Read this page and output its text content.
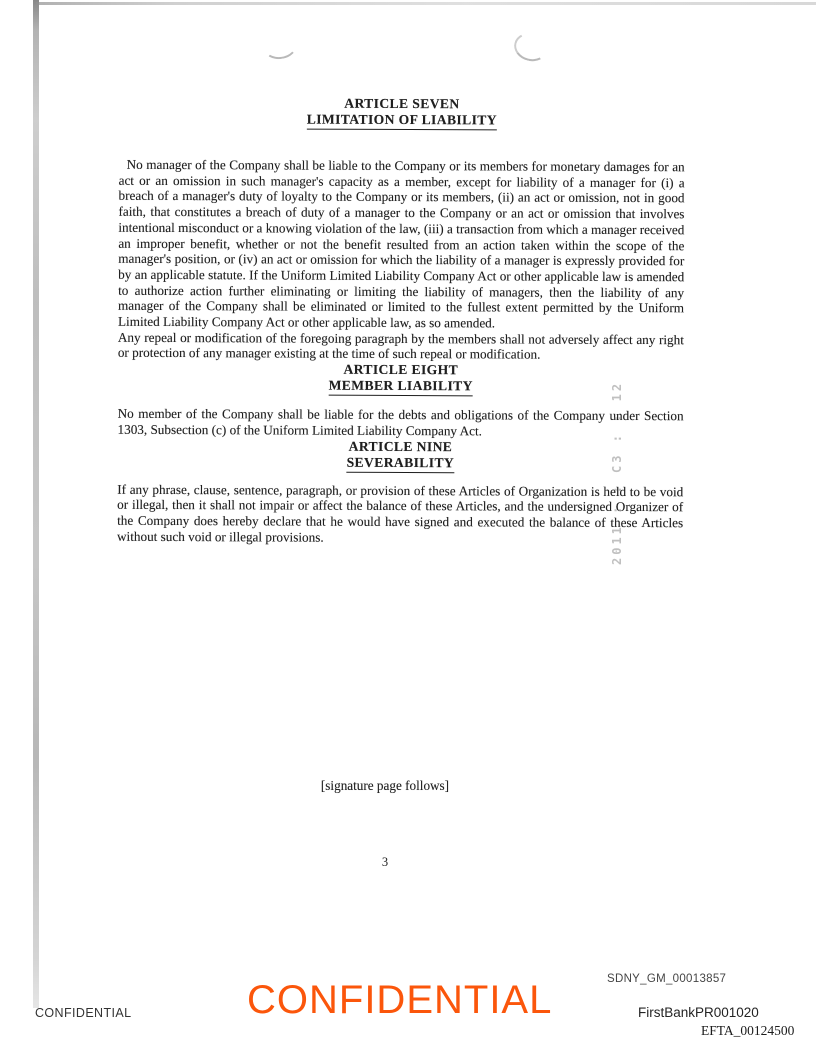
ARTICLE SEVEN
LIMITATION OF LIABILITY

No manager of the Company shall be liable to the Company or its members for monetary damages for an act or an omission in such manager's capacity as a member, except for liability of a manager for (i) a breach of a manager's duty of loyalty to the Company or its members, (ii) an act or omission, not in good faith, that constitutes a breach of duty of a manager to the Company or an act or omission that involves intentional misconduct or a knowing violation of the law, (iii) a transaction from which a manager received an improper benefit, whether or not the benefit resulted from an action taken within the scope of the manager's position, or (iv) an act or omission for which the liability of a manager is expressly provided for by an applicable statute. If the Uniform Limited Liability Company Act or other applicable law is amended to authorize action further eliminating or limiting the liability of managers, then the liability of any manager of the Company shall be eliminated or limited to the fullest extent permitted by the Uniform Limited Liability Company Act or other applicable law, as so amended.

Any repeal or modification of the foregoing paragraph by the members shall not adversely affect any right or protection of any manager existing at the time of such repeal or modification.

ARTICLE EIGHT
MEMBER LIABILITY

No member of the Company shall be liable for the debts and obligations of the Company under Section 1303, Subsection (c) of the Uniform Limited Liability Company Act.

ARTICLE NINE
SEVERABILITY

If any phrase, clause, sentence, paragraph, or provision of these Articles of Organization is held to be void or illegal, then it shall not impair or affect the balance of these Articles, and the undersigned Organizer of the Company does hereby declare that he would have signed and executed the balance of these Articles without such void or illegal provisions.	2011 : : C3 : : 12
[signature page follows]
3
SDNY_GM_00013857
CONFIDENTIAL
CONFIDENTIAL	FirstBankPR001020
EFTA_00124500
